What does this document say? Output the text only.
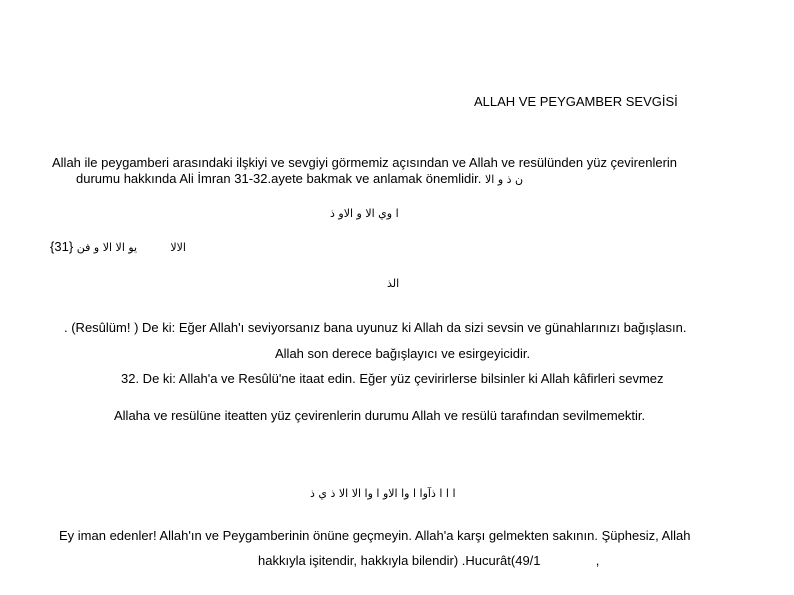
ALLAH VE PEYGAMBER SEVGİSİ
Allah ile peygamberi arasındaki ilşkiyi ve sevgiyi görmemiz açısından ve Allah ve resülünden yüz çevirenlerin
durumu hakkında Ali İmran 31-32.ayete bakmak ve anlamak önemlidir. ن ذ و الا
ا وي الا و الاو ذ
الالا  يو الا الا و فن {31}
الذ
. (Resûlüm! ) De ki: Eğer Allah'ı seviyorsanız bana uyunuz ki Allah da sizi sevsin ve günahlarınızı bağışlasın.
Allah son derece bağışlayıcı ve esirgeyicidir.
32. De ki: Allah'a ve Resûlü'ne itaat edin. Eğer yüz çevirirlerse bilsinler ki Allah kâfirleri sevmez
Allaha ve resülüne iteatten yüz çevirenlerin durumu Allah ve resülü tarafından sevilmemektir.
ا ا ا ذآوا ا وا الاو ا وا الا الا ذ ي ذ
Ey iman edenler! Allah'ın ve Peygamberinin önüne geçmeyin. Allah'a karşı gelmekten sakının. Şüphesiz, Allah
hakkıyla işitendir, hakkıyla bilendir) .Hucurât(49/1	,
